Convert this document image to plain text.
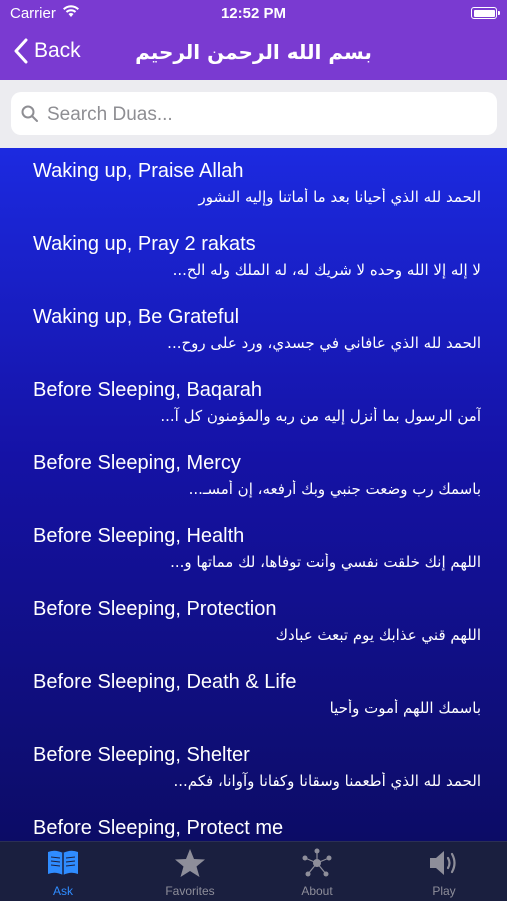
Carrier	12:52 PM
Back	بسم الله الرحمن الرحيم
Search Duas...
Waking up, Praise Allah
الحمد لله الذي أحيانا بعد ما أماتنا وإليه النشور
Waking up, Pray 2 rakats
لا إله إلا الله وحده لا شريك له، له الملك وله الح...
Waking up, Be Grateful
الحمد لله الذي عافاني في جسدي، ورد على روح...
Before Sleeping, Baqarah
آمن الرسول بما أنزل إليه من ربه والمؤمنون كل آ...
Before Sleeping, Mercy
باسمك رب وضعت جنبي وبك أرفعه، إن أمسـ...
Before Sleeping, Health
اللهم إنك خلقت نفسي وأنت توفاها، لك مماتها و...
Before Sleeping, Protection
اللهم قني عذابك يوم تبعث عبادك
Before Sleeping, Death & Life
باسمك اللهم أموت وأحيا
Before Sleeping, Shelter
الحمد لله الذي أطعمنا وسقانا وكفانا وآوانا، فكم...
Before Sleeping, Protect me
Ask	Favorites	About	Play
